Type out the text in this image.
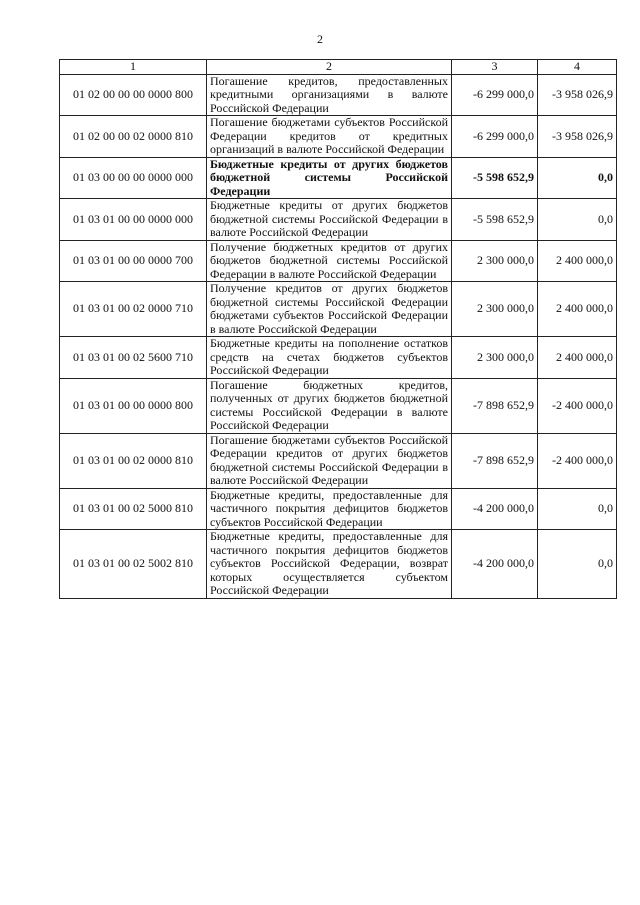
2
1	2	3	4
01 02 00 00 00 0000 800	Погашение кредитов, предоставленных кредитными организациями в валюте Российской Федерации	-6 299 000,0	-3 958 026,9
01 02 00 00 02 0000 810	Погашение бюджетами субъектов Российской Федерации кредитов от кредитных организаций в валюте Российской Федерации	-6 299 000,0	-3 958 026,9
01 03 00 00 00 0000 000	Бюджетные кредиты от других бюджетов бюджетной системы Российской Федерации	-5 598 652,9	0,0
01 03 01 00 00 0000 000	Бюджетные кредиты от других бюджетов бюджетной системы Российской Федерации в валюте Российской Федерации	-5 598 652,9	0,0
01 03 01 00 00 0000 700	Получение бюджетных кредитов от других бюджетов бюджетной системы Российской Федерации в валюте Российской Федерации	2 300 000,0	2 400 000,0
01 03 01 00 02 0000 710	Получение кредитов от других бюджетов бюджетной системы Российской Федерации бюджетами субъектов Российской Федерации в валюте Российской Федерации	2 300 000,0	2 400 000,0
01 03 01 00 02 5600 710	Бюджетные кредиты на пополнение остатков средств на счетах бюджетов субъектов Российской Федерации	2 300 000,0	2 400 000,0
01 03 01 00 00 0000 800	Погашение бюджетных кредитов, полученных от других бюджетов бюджетной системы Российской Федерации в валюте Российской Федерации	-7 898 652,9	-2 400 000,0
01 03 01 00 02 0000 810	Погашение бюджетами субъектов Российской Федерации кредитов от других бюджетов бюджетной системы Российской Федерации в валюте Российской Федерации	-7 898 652,9	-2 400 000,0
01 03 01 00 02 5000 810	Бюджетные кредиты, предоставленные для частичного покрытия дефицитов бюджетов субъектов Российской Федерации	-4 200 000,0	0,0
01 03 01 00 02 5002 810	Бюджетные кредиты, предоставленные для частичного покрытия дефицитов бюджетов субъектов Российской Федерации, возврат которых осуществляется субъектом Российской Федерации	-4 200 000,0	0,0
